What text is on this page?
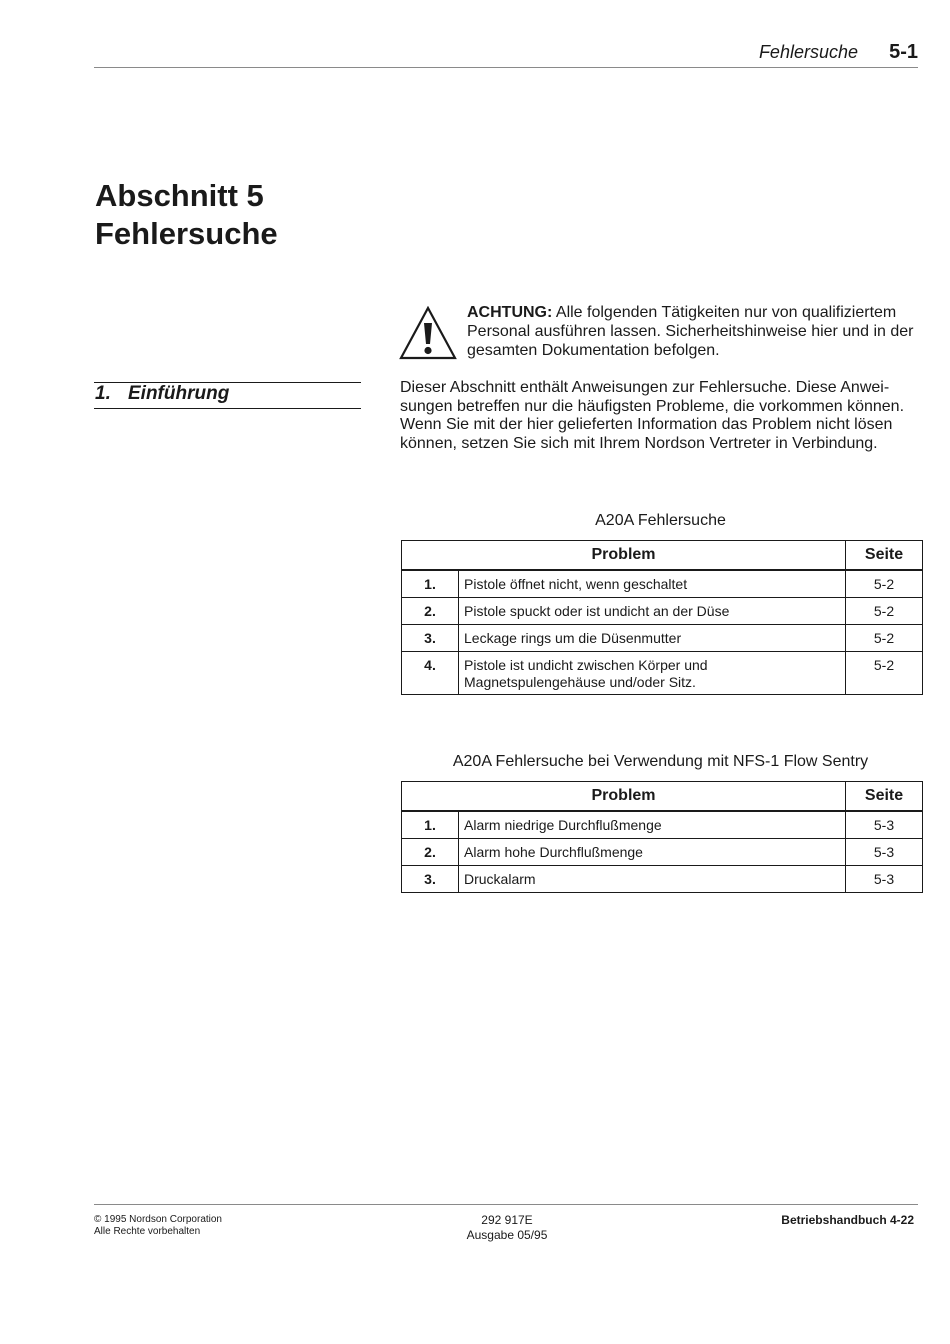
Fehlersuche	5-1
Abschnitt 5
Fehlersuche
ACHTUNG: Alle folgenden Tätigkeiten nur von qualifiziertem
Personal ausführen lassen. Sicherheitshinweise hier und in der
gesamten Dokumentation befolgen.
1. Einführung	Dieser Abschnitt enthält Anweisungen zur Fehlersuche. Diese Anwei-
sungen betreffen nur die häufigsten Probleme, die vorkommen können.
Wenn Sie mit der hier gelieferten Information das Problem nicht lösen
können, setzen Sie sich mit Ihrem Nordson Vertreter in Verbindung.
A20A Fehlersuche
Problem		Seite
1.	Pistole öffnet nicht, wenn geschaltet	5-2
2.	Pistole spuckt oder ist undicht an der Düse	5-2
3.	Leckage rings um die Düsenmutter	5-2
4.	Pistole ist undicht zwischen Körper und
Magnetspulengehäuse und/oder Sitz.	5-2
A20A Fehlersuche bei Verwendung mit NFS-1 Flow Sentry
Problem		Seite
1.	Alarm niedrige Durchflußmenge	5-3
2.	Alarm hohe Durchflußmenge	5-3
3.	Druckalarm	5-3
© 1995 Nordson Corporation
Alle Rechte vorbehalten
292 917E
Ausgabe 05/95
Betriebshandbuch 4-22
